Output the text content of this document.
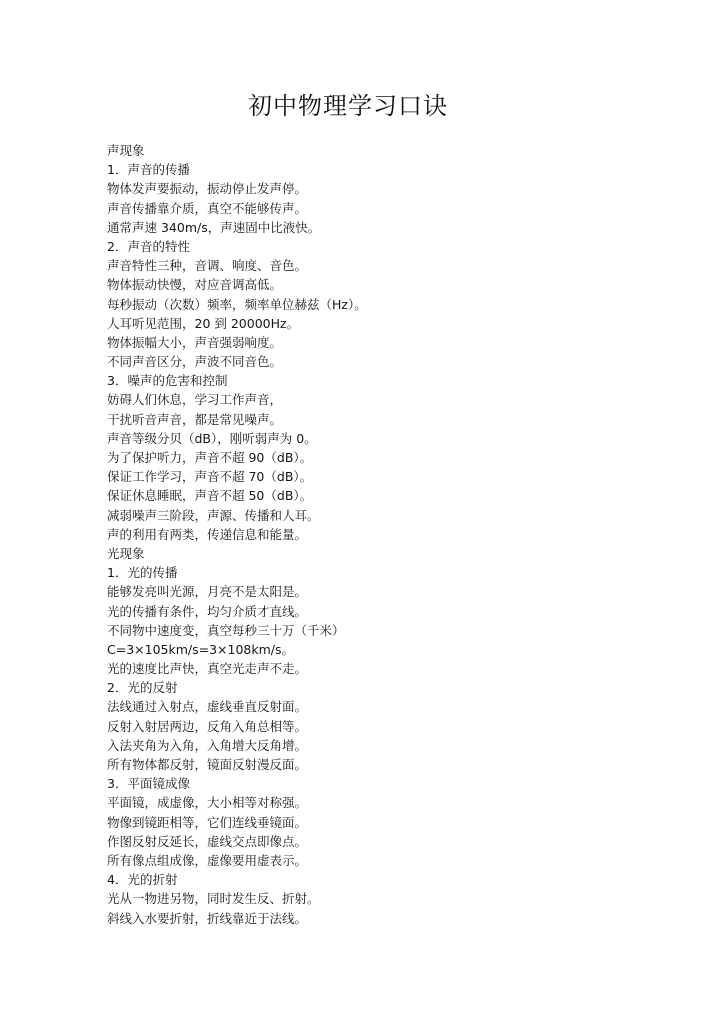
初中物理学习口诀
声现象
1．声音的传播
物体发声要振动，振动停止发声停。
声音传播靠介质，真空不能够传声。
通常声速 340m/s，声速固中比液快。
2．声音的特性
声音特性三种，音调、响度、音色。
物体振动快慢，对应音调高低。
每秒振动（次数）频率，频率单位赫兹（Hz）。
人耳听见范围，20 到 20000Hz。
物体振幅大小，声音强弱响度。
不同声音区分，声波不同音色。
3．噪声的危害和控制
妨碍人们休息，学习工作声音，
干扰听音声音，都是常见噪声。
声音等级分贝（dB），刚听弱声为 0。
为了保护听力，声音不超 90（dB）。
保证工作学习，声音不超 70（dB）。
保证休息睡眠，声音不超 50（dB）。
减弱噪声三阶段，声源、传播和人耳。
声的利用有两类，传递信息和能量。
光现象
1．光的传播
能够发亮叫光源，月亮不是太阳是。
光的传播有条件，均匀介质才直线。
不同物中速度变，真空每秒三十万（千米）
C=3×105km/s=3×108km/s。
光的速度比声快，真空光走声不走。
2．光的反射
法线通过入射点，虚线垂直反射面。
反射入射居两边，反角入角总相等。
入法夹角为入角，入角增大反角增。
所有物体都反射，镜面反射漫反面。
3．平面镜成像
平面镜，成虚像，大小相等对称强。
物像到镜距相等，它们连线垂镜面。
作图反射反延长，虚线交点即像点。
所有像点组成像，虚像要用虚表示。
4．光的折射
光从一物进另物，同时发生反、折射。
斜线入水要折射，折线靠近于法线。
